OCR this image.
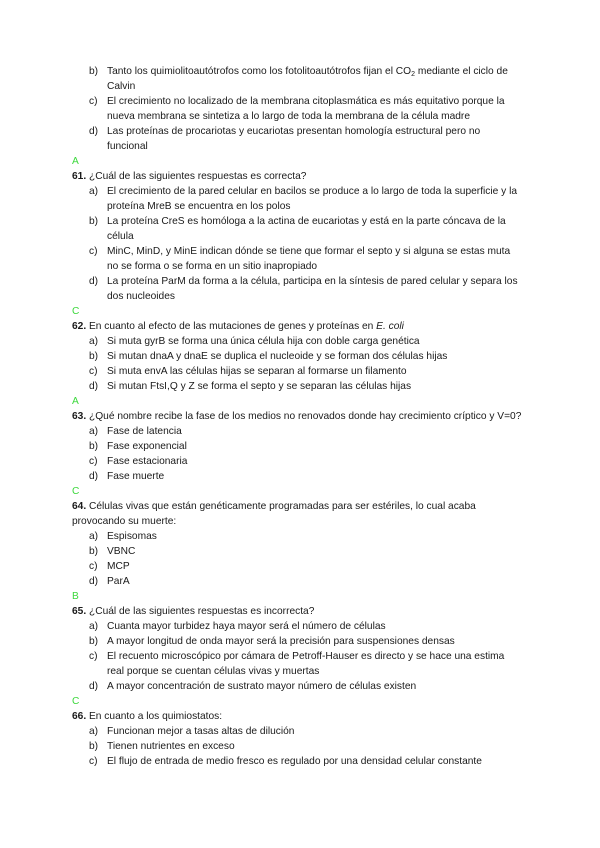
b) Tanto los quimiolitoautótrofos como los fotolitoautótrofos fijan el $CO_2$ mediante el ciclo de Calvin
c) El crecimiento no localizado de la membrana citoplasmática es más equitativo porque la nueva membrana se sintetiza a lo largo de toda la membrana de la célula madre
d) Las proteínas de procariotas y eucariotas presentan homología estructural pero no funcional
A

61. ¿Cuál de las siguientes respuestas es correcta?

a) El crecimiento de la pared celular en bacilos se produce a lo largo de toda la superficie y la proteína MreB se encuentra en los polos
b) La proteína CreS es homóloga a la actina de eucariotas y está en la parte cóncava de la célula
c) MinC, MinD, y MinE indican dónde se tiene que formar el septo y si alguna se estas muta no se forma o se forma en un sitio inapropiado
d) La proteína ParM da forma a la célula, participa en la síntesis de pared celular y separa los dos nucleoides
C

62. En cuanto al efecto de las mutaciones de genes y proteínas en E. coli

a) Si muta gyrB se forma una única célula hija con doble carga genética
b) Si mutan dnaA y dnaE se duplica el nucleoide y se forman dos células hijas
c) Si muta envA las células hijas se separan al formarse un filamento
d) Si mutan FtsI,Q y Z se forma el septo y se separan las células hijas
A

63. ¿Qué nombre recibe la fase de los medios no renovados donde hay crecimiento críptico y V=0?

a) Fase de latencia
b) Fase exponencial
c) Fase estacionaria
d) Fase muerte
C

64. Células vivas que están genéticamente programadas para ser estériles, lo cual acaba provocando su muerte:

a) Espisomas
b) VBNC
c) MCP
d) ParA
B

65. ¿Cuál de las siguientes respuestas es incorrecta?

a) Cuanta mayor turbidez haya mayor será el número de células
b) A mayor longitud de onda mayor será la precisión para suspensiones densas
c) El recuento microscópico por cámara de Petroff-Hauser es directo y se hace una estima real porque se cuentan células vivas y muertas
d) A mayor concentración de sustrato mayor número de células existen
C

66. En cuanto a los quimiostatos:

a) Funcionan mejor a tasas altas de dilución
b) Tienen nutrientes en exceso
c) El flujo de entrada de medio fresco es regulado por una densidad celular constante
